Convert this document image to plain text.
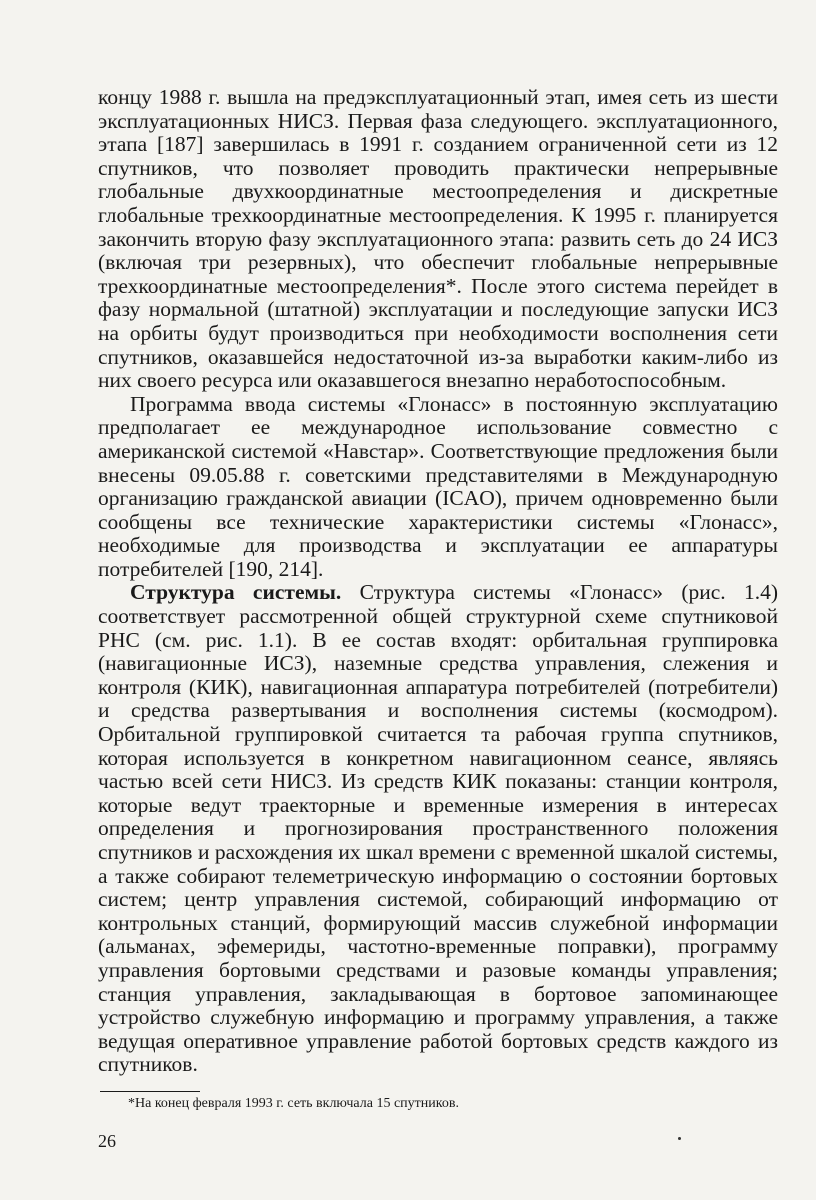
концу 1988 г. вышла на предэксплуатационный этап, имея сеть из шести эксплуатационных НИСЗ. Первая фаза следующего. эксплуатационного, этапа [187] завершилась в 1991 г. созданием ограниченной сети из 12 спутников, что позволяет проводить практически непрерывные глобальные двухкоординатные местоопределения и дискретные глобальные трехкоординатные местоопределения. К 1995 г. планируется закончить вторую фазу эксплуатационного этапа: развить сеть до 24 ИСЗ (включая три резервных), что обеспечит глобальные непрерывные трехкоординатные местоопределения*. После этого система перейдет в фазу нормальной (штатной) эксплуатации и последующие запуски ИСЗ на орбиты будут производиться при необходимости восполнения сети спутников, оказавшейся недостаточной из-за выработки каким-либо из них своего ресурса или оказавшегося внезапно неработоспособным.

Программа ввода системы «Глонасс» в постоянную эксплуатацию предполагает ее международное использование совместно с американской системой «Навстар». Соответствующие предложения были внесены 09.05.88 г. советскими представителями в Международную организацию гражданской авиации (ICAO), причем одновременно были сообщены все технические характеристики системы «Глонасс», необходимые для производства и эксплуатации ее аппаратуры потребителей [190, 214].

Структура системы. Структура системы «Глонасс» (рис. 1.4) соответствует рассмотренной общей структурной схеме спутниковой РНС (см. рис. 1.1). В ее состав входят: орбитальная группировка (навигационные ИСЗ), наземные средства управления, слежения и контроля (КИК), навигационная аппаратура потребителей (потребители) и средства развертывания и восполнения системы (космодром). Орбитальной группировкой считается та рабочая группа спутников, которая используется в конкретном навигационном сеансе, являясь частью всей сети НИСЗ. Из средств КИК показаны: станции контроля, которые ведут траекторные и временные измерения в интересах определения и прогнозирования пространственного положения спутников и расхождения их шкал времени с временной шкалой системы, а также собирают телеметрическую информацию о состоянии бортовых систем; центр управления системой, собирающий информацию от контрольных станций, формирующий массив служебной информации (альманах, эфемериды, частотно-временные поправки), программу управления бортовыми средствами и разовые команды управления; станция управления, закладывающая в бортовое запоминающее устройство служебную информацию и программу управления, а также ведущая оперативное управление работой бортовых средств каждого из спутников.

*На конец февраля 1993 г. сеть включала 15 спутников.
26
